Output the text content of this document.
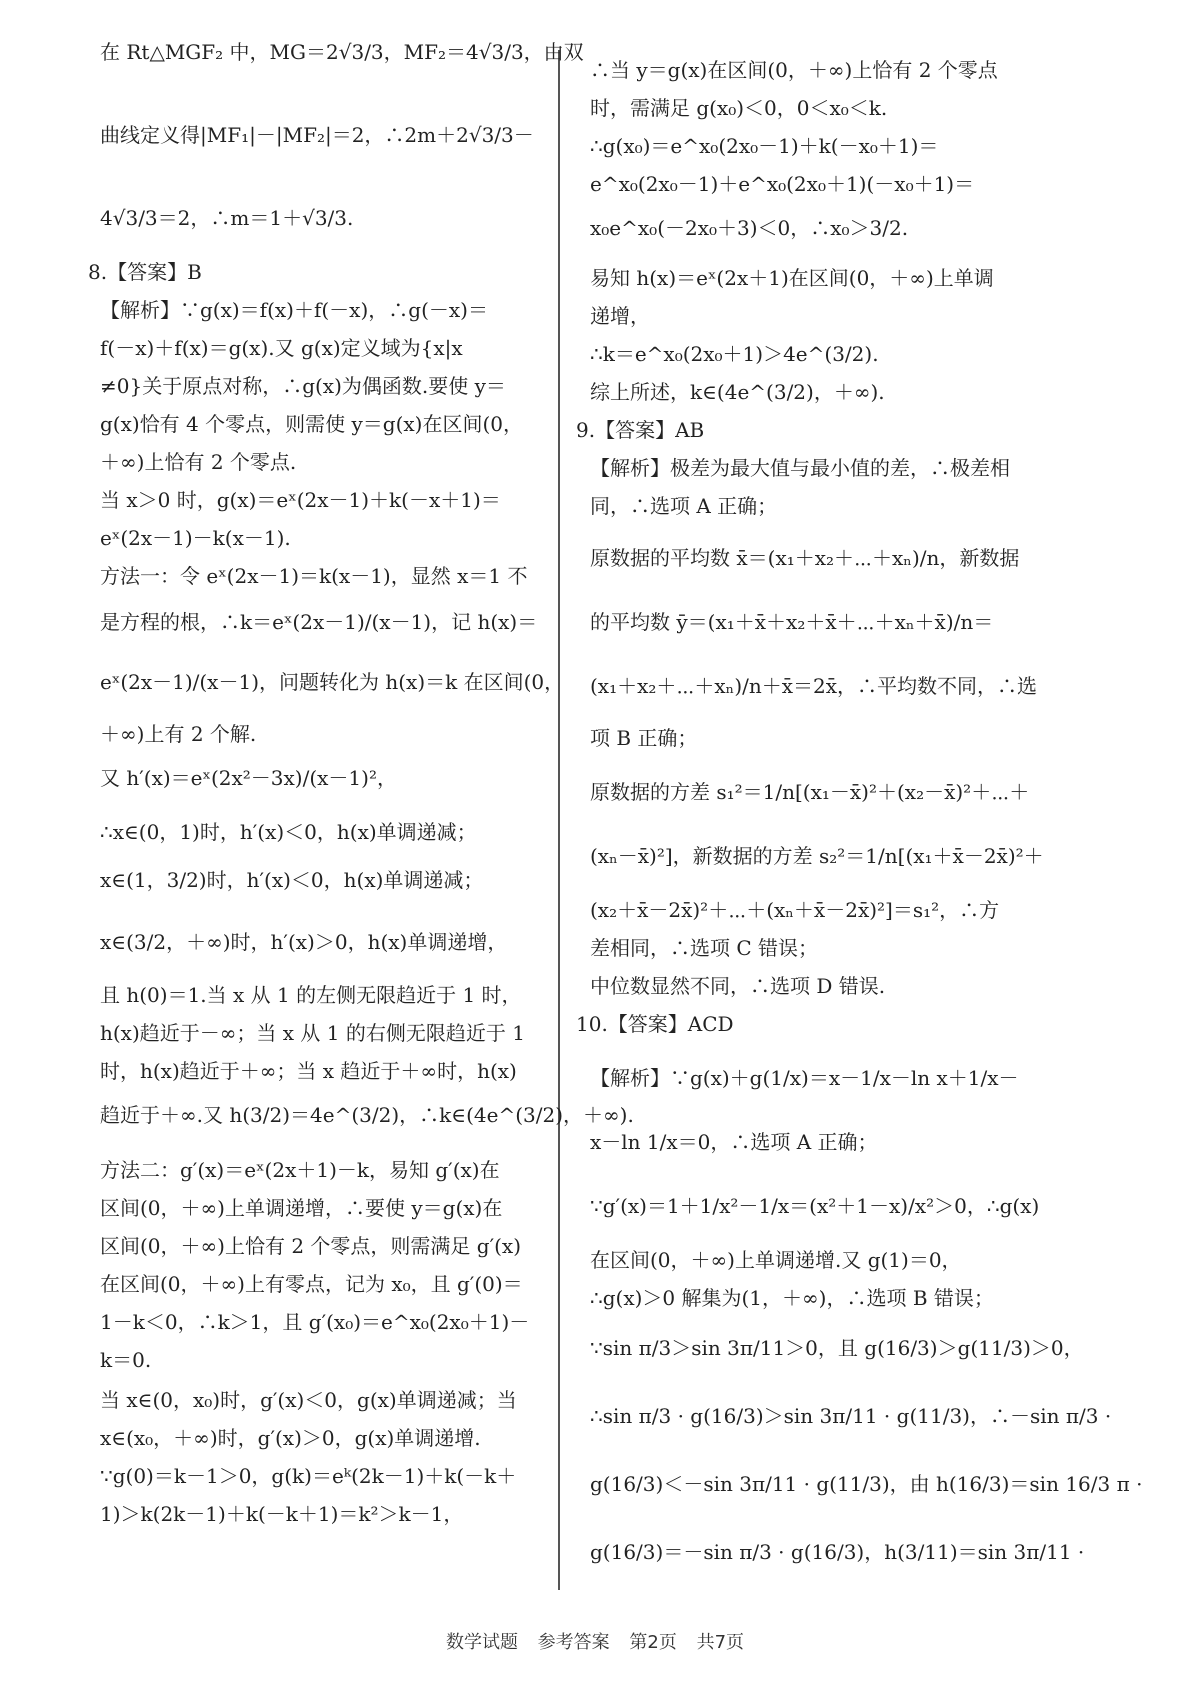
在 Rt△MGF₂ 中，MG＝2√3/3，MF₂＝4√3/3，由双
曲线定义得|MF₁|－|MF₂|＝2，∴2m＋2√3/3－
4√3/3＝2，∴m＝1＋√3/3.
8.【答案】B
【解析】∵g(x)＝f(x)＋f(－x)，∴g(－x)＝
f(－x)＋f(x)＝g(x).又 g(x)定义域为{x|x
≠0}关于原点对称，∴g(x)为偶函数.要使 y＝
g(x)恰有 4 个零点，则需使 y＝g(x)在区间(0，
＋∞)上恰有 2 个零点.
当 x＞0 时，g(x)＝eˣ(2x－1)＋k(－x＋1)＝
eˣ(2x－1)－k(x－1).
方法一：令 eˣ(2x－1)＝k(x－1)，显然 x＝1 不
是方程的根，∴k＝eˣ(2x－1)/(x－1)，记 h(x)＝
eˣ(2x－1)/(x－1)，问题转化为 h(x)＝k 在区间(0，
＋∞)上有 2 个解.
又 h′(x)＝eˣ(2x²－3x)/(x－1)²，
∴x∈(0，1)时，h′(x)＜0，h(x)单调递减；
x∈(1，3/2)时，h′(x)＜0，h(x)单调递减；
x∈(3/2，＋∞)时，h′(x)＞0，h(x)单调递增，
且 h(0)＝1.当 x 从 1 的左侧无限趋近于 1 时，
h(x)趋近于－∞；当 x 从 1 的右侧无限趋近于 1
时，h(x)趋近于＋∞；当 x 趋近于＋∞时，h(x)
趋近于＋∞.又 h(3/2)＝4e^(3/2)，∴k∈(4e^(3/2)，＋∞).
方法二：g′(x)＝eˣ(2x＋1)－k，易知 g′(x)在
区间(0，＋∞)上单调递增，∴要使 y＝g(x)在
区间(0，＋∞)上恰有 2 个零点，则需满足 g′(x)
在区间(0，＋∞)上有零点，记为 x₀，且 g′(0)＝
1－k＜0，∴k＞1，且 g′(x₀)＝e^x₀(2x₀＋1)－
k＝0.
当 x∈(0，x₀)时，g′(x)＜0，g(x)单调递减；当
x∈(x₀，＋∞)时，g′(x)＞0，g(x)单调递增.
∵g(0)＝k－1＞0，g(k)＝eᵏ(2k－1)＋k(－k＋
1)＞k(2k－1)＋k(－k＋1)＝k²＞k－1，
∴当 y＝g(x)在区间(0，＋∞)上恰有 2 个零点
时，需满足 g(x₀)＜0，0＜x₀＜k.
∴g(x₀)＝e^x₀(2x₀－1)＋k(－x₀＋1)＝
e^x₀(2x₀－1)＋e^x₀(2x₀＋1)(－x₀＋1)＝
x₀e^x₀(－2x₀＋3)＜0，∴x₀＞3/2.
易知 h(x)＝eˣ(2x＋1)在区间(0，＋∞)上单调
递增，
∴k＝e^x₀(2x₀＋1)＞4e^(3/2).
综上所述，k∈(4e^(3/2)，＋∞).
9.【答案】AB
【解析】极差为最大值与最小值的差，∴极差相
同，∴选项 A 正确；
原数据的平均数 x̄＝(x₁＋x₂＋⋯＋xₙ)/n，新数据
的平均数 ȳ＝(x₁＋x̄＋x₂＋x̄＋⋯＋xₙ＋x̄)/n＝
(x₁＋x₂＋⋯＋xₙ)/n＋x̄＝2x̄，∴平均数不同，∴选
项 B 正确；
原数据的方差 s₁²＝1/n[(x₁－x̄)²＋(x₂－x̄)²＋⋯＋
(xₙ－x̄)²]，新数据的方差 s₂²＝1/n[(x₁＋x̄－2x̄)²＋
(x₂＋x̄－2x̄)²＋⋯＋(xₙ＋x̄－2x̄)²]＝s₁²，∴方
差相同，∴选项 C 错误；
中位数显然不同，∴选项 D 错误.
10.【答案】ACD
【解析】∵g(x)＋g(1/x)＝x－1/x－ln x＋1/x－
x－ln 1/x＝0，∴选项 A 正确；
∵g′(x)＝1＋1/x²－1/x＝(x²＋1－x)/x²＞0，∴g(x)
在区间(0，＋∞)上单调递增.又 g(1)＝0，
∴g(x)＞0 解集为(1，＋∞)，∴选项 B 错误；
∵sin π/3＞sin 3π/11＞0，且 g(16/3)＞g(11/3)＞0，
∴sin π/3 · g(16/3)＞sin 3π/11 · g(11/3)，∴－sin π/3 ·
g(16/3)＜－sin 3π/11 · g(11/3)，由 h(16/3)＝sin 16/3 π ·
g(16/3)＝－sin π/3 · g(16/3)，h(3/11)＝sin 3π/11 ·
数学试题 参考答案 第2页 共7页
